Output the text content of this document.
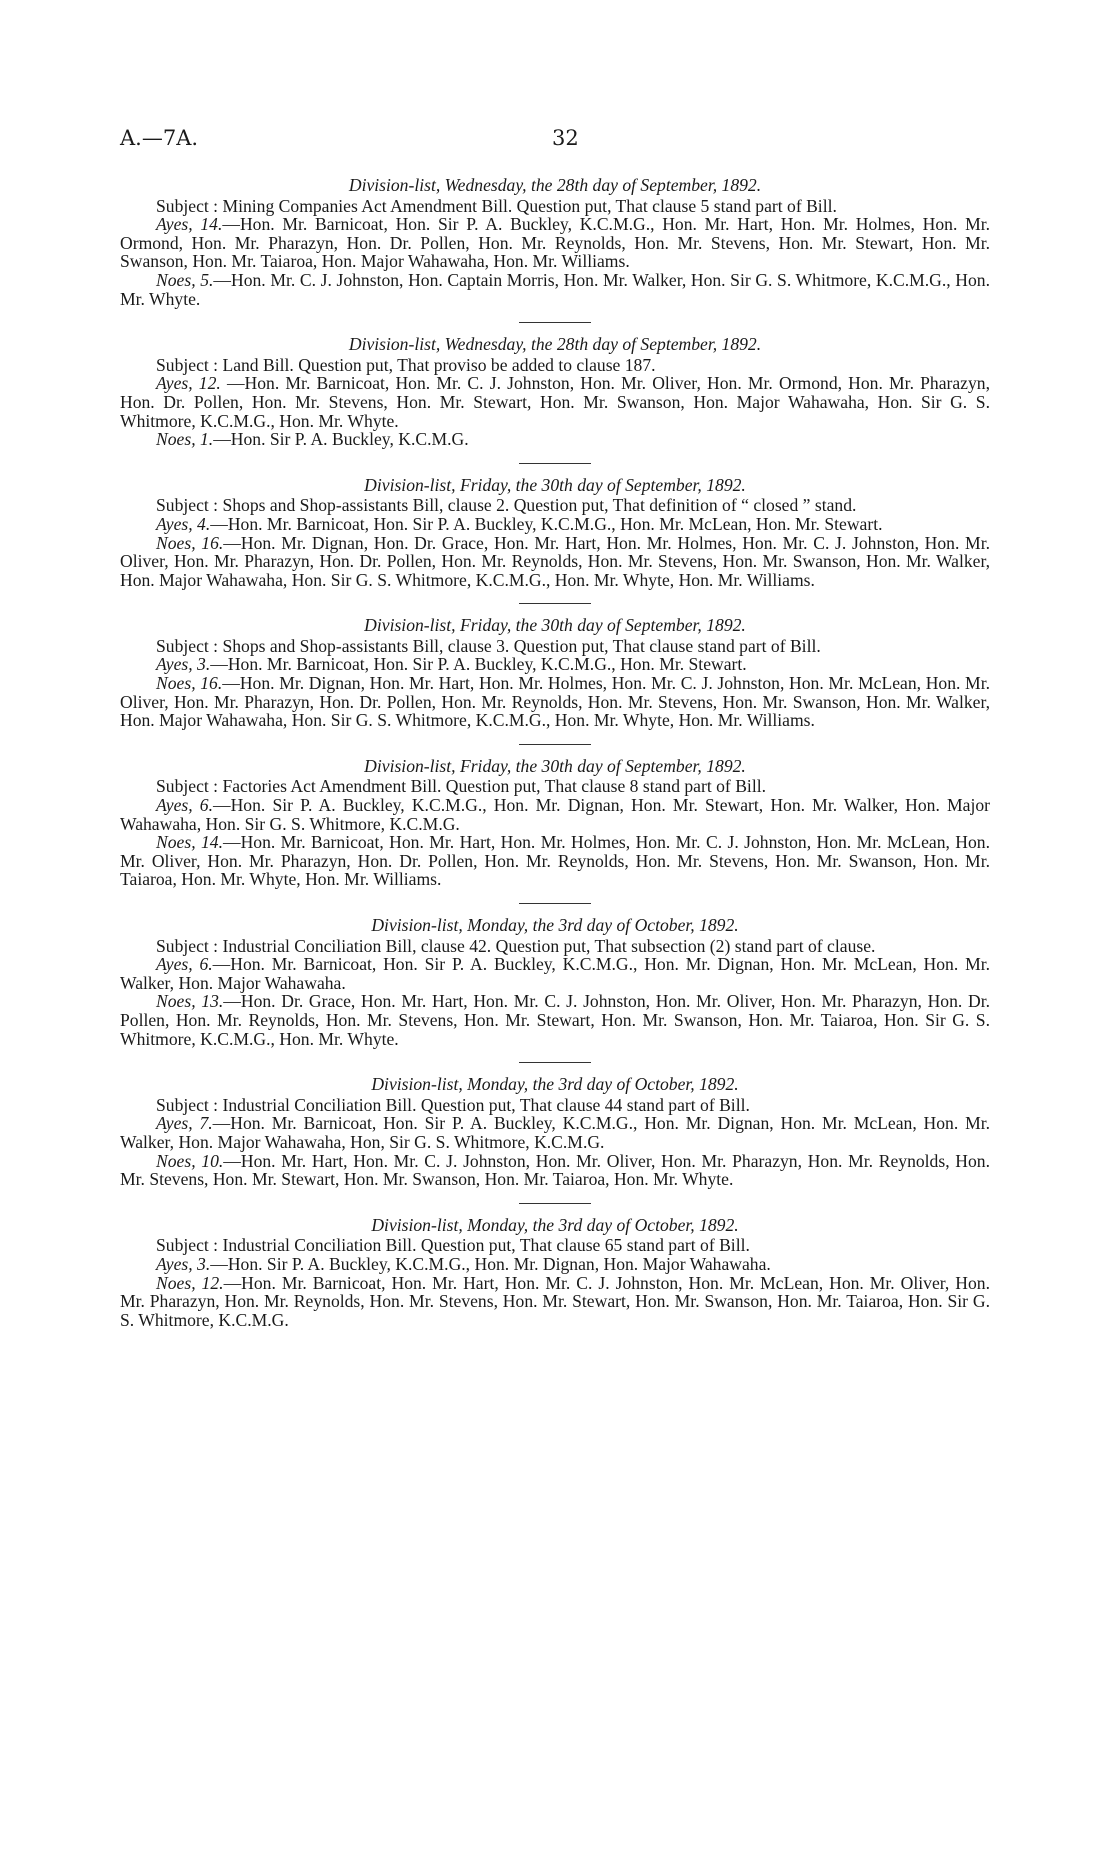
A.—7A.	32

Division-list, Wednesday, the 28th day of September, 1892.

Subject : Mining Companies Act Amendment Bill. Question put, That clause 5 stand part of Bill.

Ayes, 14.—Hon. Mr. Barnicoat, Hon. Sir P. A. Buckley, K.C.M.G., Hon. Mr. Hart, Hon. Mr. Holmes, Hon. Mr. Ormond, Hon. Mr. Pharazyn, Hon. Dr. Pollen, Hon. Mr. Reynolds, Hon. Mr. Stevens, Hon. Mr. Stewart, Hon. Mr. Swanson, Hon. Mr. Taiaroa, Hon. Major Wahawaha, Hon. Mr. Williams.

Noes, 5.—Hon. Mr. C. J. Johnston, Hon. Captain Morris, Hon. Mr. Walker, Hon. Sir G. S. Whitmore, K.C.M.G., Hon. Mr. Whyte.

Division-list, Wednesday, the 28th day of September, 1892.

Subject : Land Bill. Question put, That proviso be added to clause 187.

Ayes, 12. —Hon. Mr. Barnicoat, Hon. Mr. C. J. Johnston, Hon. Mr. Oliver, Hon. Mr. Ormond, Hon. Mr. Pharazyn, Hon. Dr. Pollen, Hon. Mr. Stevens, Hon. Mr. Stewart, Hon. Mr. Swanson, Hon. Major Wahawaha, Hon. Sir G. S. Whitmore, K.C.M.G., Hon. Mr. Whyte.

Noes, 1.—Hon. Sir P. A. Buckley, K.C.M.G.

Division-list, Friday, the 30th day of September, 1892.

Subject : Shops and Shop-assistants Bill, clause 2. Question put, That definition of “ closed ” stand.

Ayes, 4.—Hon. Mr. Barnicoat, Hon. Sir P. A. Buckley, K.C.M.G., Hon. Mr. McLean, Hon. Mr. Stewart.

Noes, 16.—Hon. Mr. Dignan, Hon. Dr. Grace, Hon. Mr. Hart, Hon. Mr. Holmes, Hon. Mr. C. J. Johnston, Hon. Mr. Oliver, Hon. Mr. Pharazyn, Hon. Dr. Pollen, Hon. Mr. Reynolds, Hon. Mr. Stevens, Hon. Mr. Swanson, Hon. Mr. Walker, Hon. Major Wahawaha, Hon. Sir G. S. Whitmore, K.C.M.G., Hon. Mr. Whyte, Hon. Mr. Williams.

Division-list, Friday, the 30th day of September, 1892.

Subject : Shops and Shop-assistants Bill, clause 3. Question put, That clause stand part of Bill.

Ayes, 3.—Hon. Mr. Barnicoat, Hon. Sir P. A. Buckley, K.C.M.G., Hon. Mr. Stewart.

Noes, 16.—Hon. Mr. Dignan, Hon. Mr. Hart, Hon. Mr. Holmes, Hon. Mr. C. J. Johnston, Hon. Mr. McLean, Hon. Mr. Oliver, Hon. Mr. Pharazyn, Hon. Dr. Pollen, Hon. Mr. Reynolds, Hon. Mr. Stevens, Hon. Mr. Swanson, Hon. Mr. Walker, Hon. Major Wahawaha, Hon. Sir G. S. Whitmore, K.C.M.G., Hon. Mr. Whyte, Hon. Mr. Williams.

Division-list, Friday, the 30th day of September, 1892.

Subject : Factories Act Amendment Bill. Question put, That clause 8 stand part of Bill.

Ayes, 6.—Hon. Sir P. A. Buckley, K.C.M.G., Hon. Mr. Dignan, Hon. Mr. Stewart, Hon. Mr. Walker, Hon. Major Wahawaha, Hon. Sir G. S. Whitmore, K.C.M.G.

Noes, 14.—Hon. Mr. Barnicoat, Hon. Mr. Hart, Hon. Mr. Holmes, Hon. Mr. C. J. Johnston, Hon. Mr. McLean, Hon. Mr. Oliver, Hon. Mr. Pharazyn, Hon. Dr. Pollen, Hon. Mr. Reynolds, Hon. Mr. Stevens, Hon. Mr. Swanson, Hon. Mr. Taiaroa, Hon. Mr. Whyte, Hon. Mr. Williams.

Division-list, Monday, the 3rd day of October, 1892.

Subject : Industrial Conciliation Bill, clause 42. Question put, That subsection (2) stand part of clause.

Ayes, 6.—Hon. Mr. Barnicoat, Hon. Sir P. A. Buckley, K.C.M.G., Hon. Mr. Dignan, Hon. Mr. McLean, Hon. Mr. Walker, Hon. Major Wahawaha.

Noes, 13.—Hon. Dr. Grace, Hon. Mr. Hart, Hon. Mr. C. J. Johnston, Hon. Mr. Oliver, Hon. Mr. Pharazyn, Hon. Dr. Pollen, Hon. Mr. Reynolds, Hon. Mr. Stevens, Hon. Mr. Stewart, Hon. Mr. Swanson, Hon. Mr. Taiaroa, Hon. Sir G. S. Whitmore, K.C.M.G., Hon. Mr. Whyte.

Division-list, Monday, the 3rd day of October, 1892.

Subject : Industrial Conciliation Bill. Question put, That clause 44 stand part of Bill.

Ayes, 7.—Hon. Mr. Barnicoat, Hon. Sir P. A. Buckley, K.C.M.G., Hon. Mr. Dignan, Hon. Mr. McLean, Hon. Mr. Walker, Hon. Major Wahawaha, Hon, Sir G. S. Whitmore, K.C.M.G.

Noes, 10.—Hon. Mr. Hart, Hon. Mr. C. J. Johnston, Hon. Mr. Oliver, Hon. Mr. Pharazyn, Hon. Mr. Reynolds, Hon. Mr. Stevens, Hon. Mr. Stewart, Hon. Mr. Swanson, Hon. Mr. Taiaroa, Hon. Mr. Whyte.

Division-list, Monday, the 3rd day of October, 1892.

Subject : Industrial Conciliation Bill. Question put, That clause 65 stand part of Bill.

Ayes, 3.—Hon. Sir P. A. Buckley, K.C.M.G., Hon. Mr. Dignan, Hon. Major Wahawaha.

Noes, 12.—Hon. Mr. Barnicoat, Hon. Mr. Hart, Hon. Mr. C. J. Johnston, Hon. Mr. McLean, Hon. Mr. Oliver, Hon. Mr. Pharazyn, Hon. Mr. Reynolds, Hon. Mr. Stevens, Hon. Mr. Stewart, Hon. Mr. Swanson, Hon. Mr. Taiaroa, Hon. Sir G. S. Whitmore, K.C.M.G.
